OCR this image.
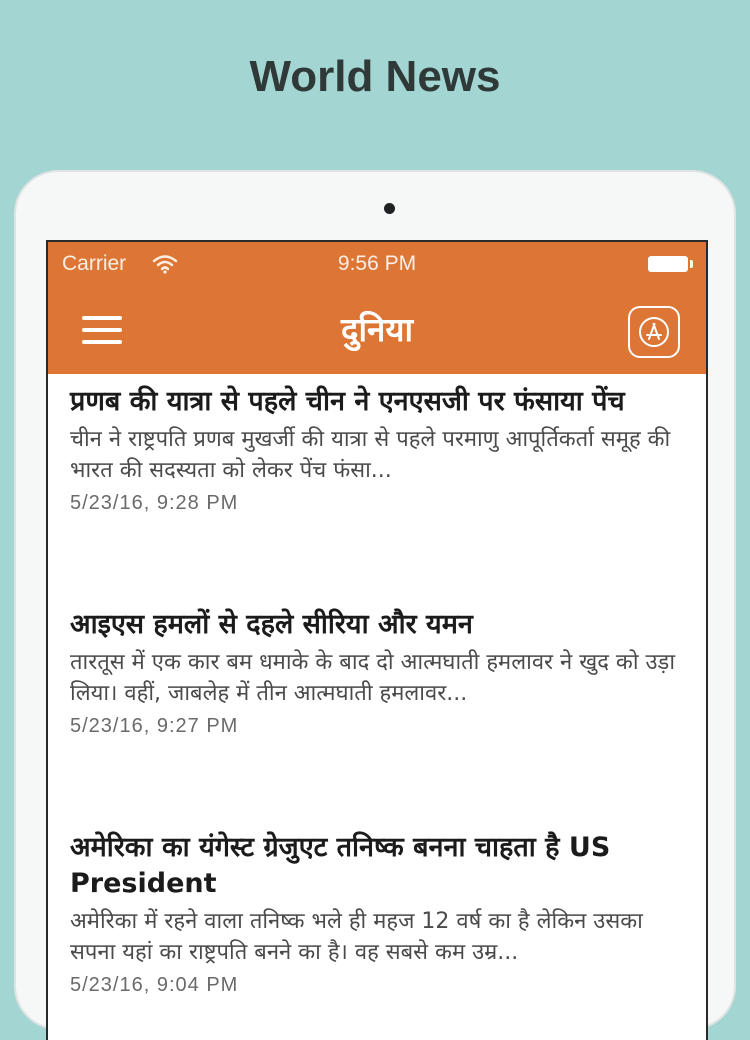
World News
Carrier	9:56 PM
दुनिया
प्रणब की यात्रा से पहले चीन ने एनएसजी पर फंसाया पेंच
चीन ने राष्ट्रपति प्रणब मुखर्जी की यात्रा से पहले परमाणु आपूर्तिकर्ता समूह की भारत की सदस्यता को लेकर पेंच फंसा...
5/23/16, 9:28 PM
आइएस हमलों से दहले सीरिया और यमन
तारतूस में एक कार बम धमाके के बाद दो आत्मघाती हमलावर ने खुद को उड़ा लिया। वहीं, जाबलेह में तीन आत्मघाती हमलावर...
5/23/16, 9:27 PM
अमेरिका का यंगेस्ट ग्रेेजुएट तनिष्क बनना चाहता है US President
अमेरिका में रहने वाला तनिष्क भले ही महज 12 वर्ष का है लेकिन उसका सपना यहां का राष्ट्रपति बनने का है। वह सबसे कम उम्र...
5/23/16, 9:04 PM
